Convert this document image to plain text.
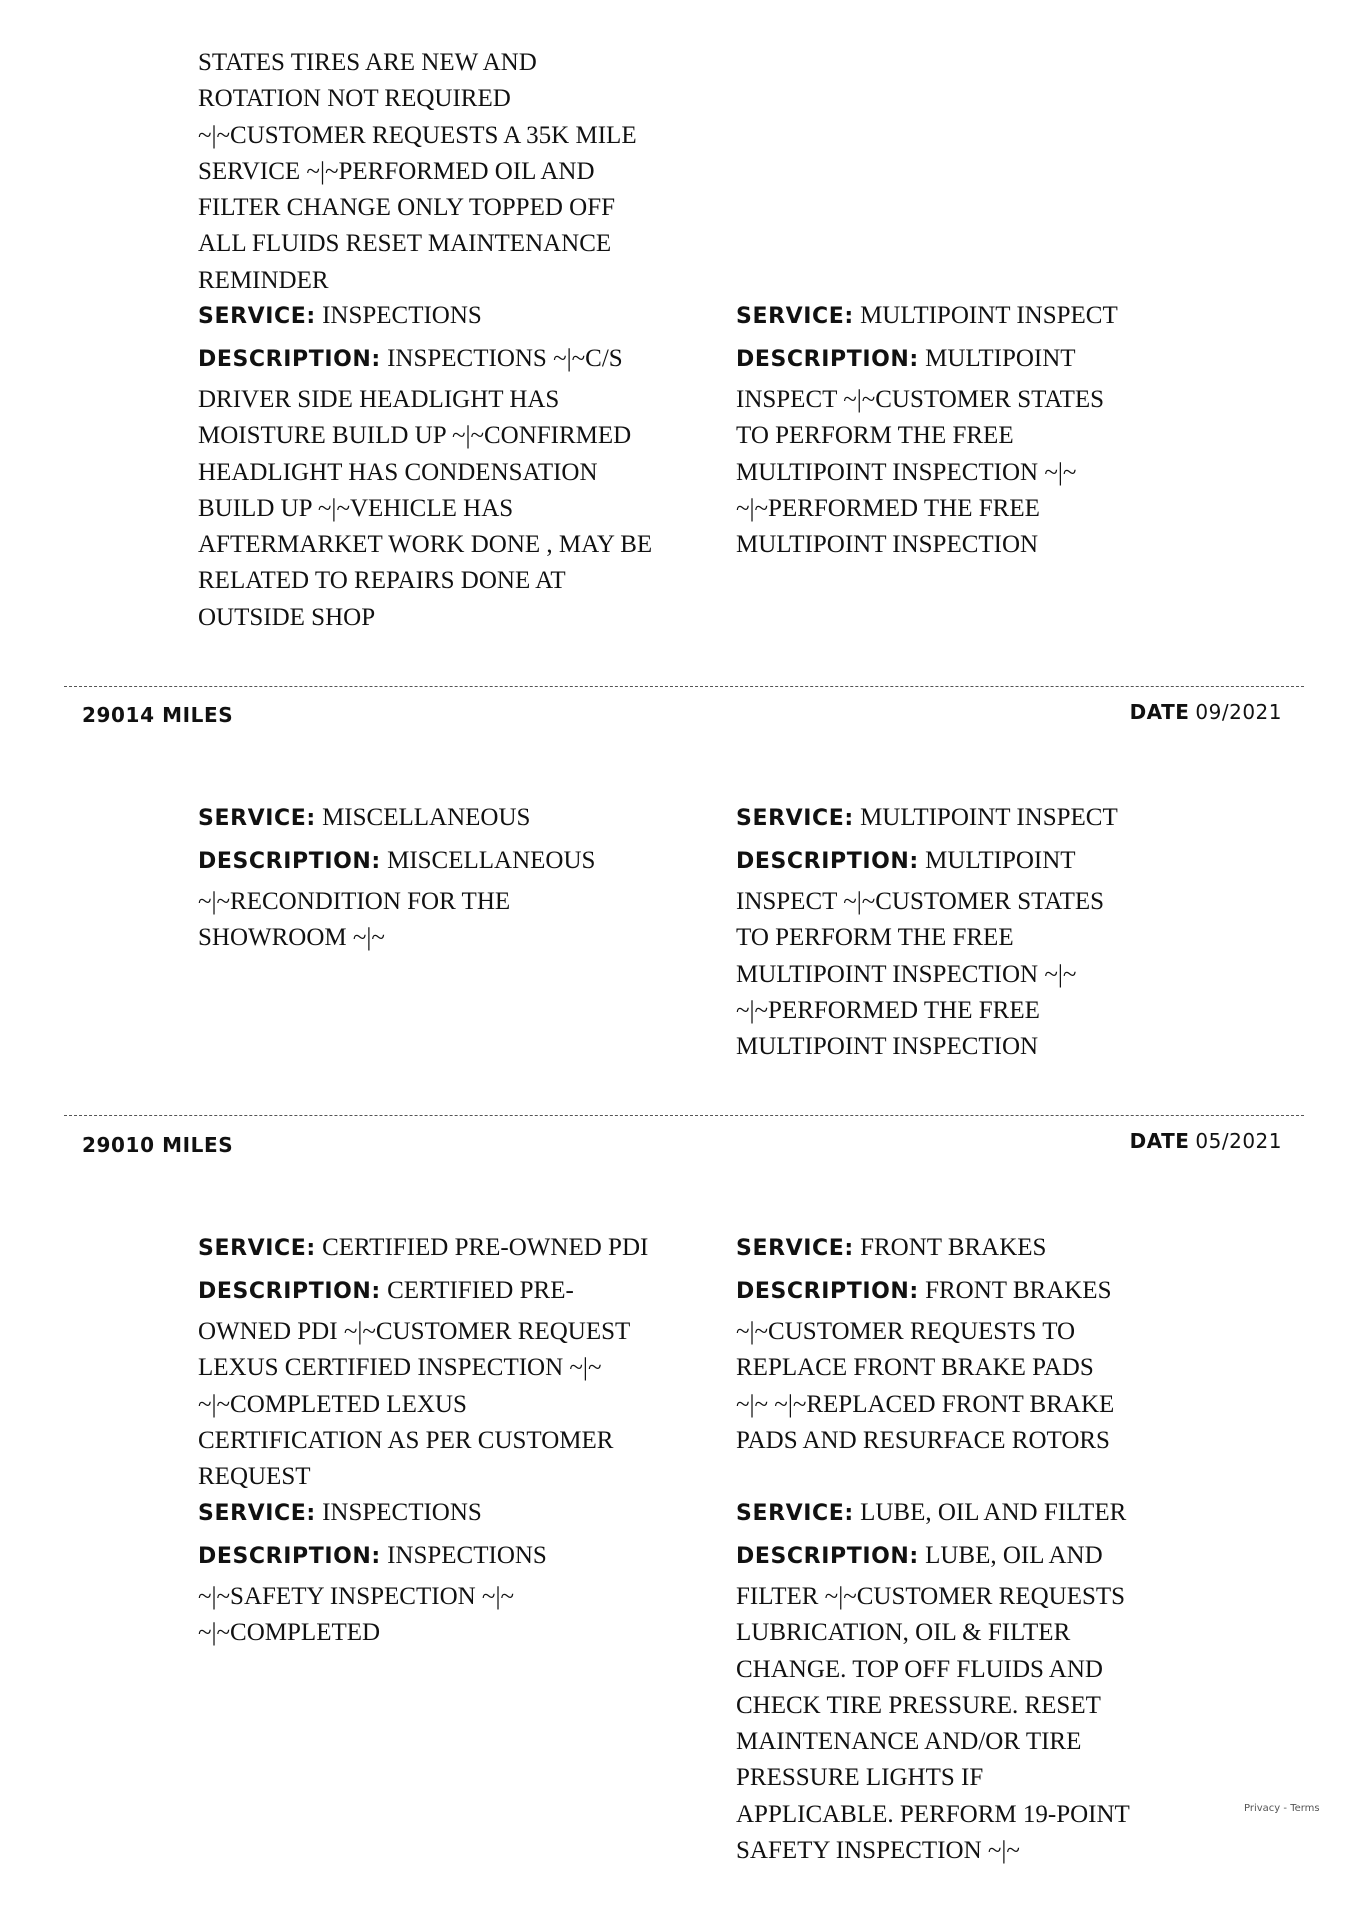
STATES TIRES ARE NEW AND
ROTATION NOT REQUIRED
~|~CUSTOMER REQUESTS A 35K MILE
SERVICE ~|~PERFORMED OIL AND
FILTER CHANGE ONLY TOPPED OFF
ALL FLUIDS RESET MAINTENANCE
REMINDER

SERVICE: INSPECTIONS
DESCRIPTION: INSPECTIONS ~|~C/S

DRIVER SIDE HEADLIGHT HAS
MOISTURE BUILD UP ~|~CONFIRMED
HEADLIGHT HAS CONDENSATION
BUILD UP ~|~VEHICLE HAS
AFTERMARKET WORK DONE , MAY BE
RELATED TO REPAIRS DONE AT
OUTSIDE SHOP

SERVICE: MULTIPOINT INSPECT
DESCRIPTION: MULTIPOINT

INSPECT ~|~CUSTOMER STATES
TO PERFORM THE FREE
MULTIPOINT INSPECTION ~|~
~|~PERFORMED THE FREE
MULTIPOINT INSPECTION

29014 MILES	DATE 09/2021
SERVICE: MISCELLANEOUS
DESCRIPTION: MISCELLANEOUS

~|~RECONDITION FOR THE
SHOWROOM ~|~

SERVICE: MULTIPOINT INSPECT
DESCRIPTION: MULTIPOINT

INSPECT ~|~CUSTOMER STATES
TO PERFORM THE FREE
MULTIPOINT INSPECTION ~|~
~|~PERFORMED THE FREE
MULTIPOINT INSPECTION

29010 MILES	DATE 05/2021
SERVICE: CERTIFIED PRE-OWNED PDI
DESCRIPTION: CERTIFIED PRE-

OWNED PDI ~|~CUSTOMER REQUEST
LEXUS CERTIFIED INSPECTION ~|~
~|~COMPLETED LEXUS
CERTIFICATION AS PER CUSTOMER
REQUEST

SERVICE: FRONT BRAKES
DESCRIPTION: FRONT BRAKES

~|~CUSTOMER REQUESTS TO
REPLACE FRONT BRAKE PADS
~|~ ~|~REPLACED FRONT BRAKE
PADS AND RESURFACE ROTORS

SERVICE: INSPECTIONS
DESCRIPTION: INSPECTIONS

~|~SAFETY INSPECTION ~|~
~|~COMPLETED

SERVICE: LUBE, OIL AND FILTER
DESCRIPTION: LUBE, OIL AND

FILTER ~|~CUSTOMER REQUESTS
LUBRICATION, OIL & FILTER
CHANGE. TOP OFF FLUIDS AND
CHECK TIRE PRESSURE. RESET
MAINTENANCE AND/OR TIRE
PRESSURE LIGHTS IF
APPLICABLE. PERFORM 19-POINT
SAFETY INSPECTION ~|~

Privacy - Terms
